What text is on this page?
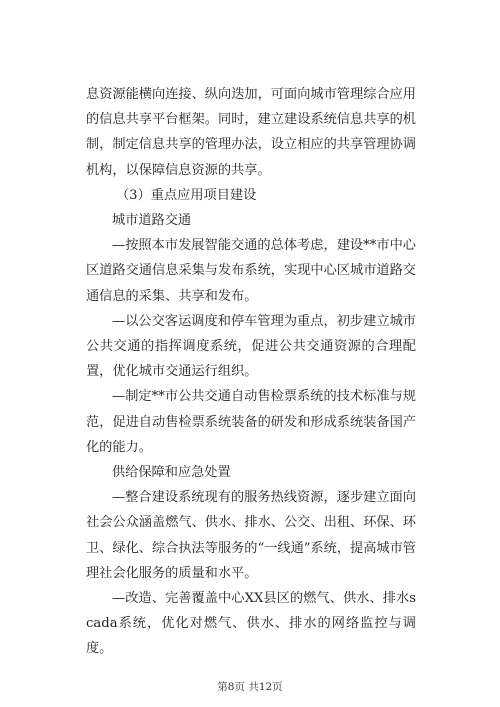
息资源能横向连接、纵向迭加，可面向城市管理综合应用的信息共享平台框架。同时，建立建设系统信息共享的机制，制定信息共享的管理办法，设立相应的共享管理协调机构，以保障信息资源的共享。

（3）重点应用项目建设

城市道路交通

—按照本市发展智能交通的总体考虑，建设**市中心区道路交通信息采集与发布系统，实现中心区城市道路交通信息的采集、共享和发布。

—以公交客运调度和停车管理为重点，初步建立城市公共交通的指挥调度系统，促进公共交通资源的合理配置，优化城市交通运行组织。

—制定**市公共交通自动售检票系统的技术标准与规范，促进自动售检票系统装备的研发和形成系统装备国产化的能力。

供给保障和应急处置

—整合建设系统现有的服务热线资源，逐步建立面向社会公众涵盖燃气、供水、排水、公交、出租、环保、环卫、绿化、综合执法等服务的“一线通”系统，提高城市管理社会化服务的质量和水平。

—改造、完善覆盖中心XX县区的燃气、供水、排水scada系统，优化对燃气、供水、排水的网络监控与调度。

第8页 共12页
